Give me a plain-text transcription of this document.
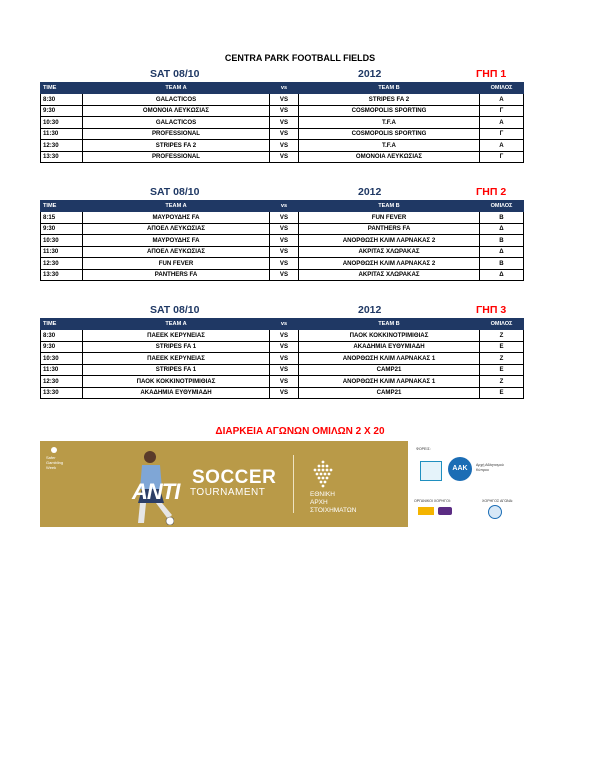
CENTRA PARK FOOTBALL FIELDS
SAT 08/10	2012	ΓΗΠ 1
TIME	TEAM A	vs	TEAM B	ΟΜΙΛΟΣ
8:30	GALACTICOS	VS	STRIPES FA 2	Α
9:30	ΟΜΟΝΟΙΑ ΛΕΥΚΩΣΙΑΣ	VS	COSMOPOLIS SPORTING	Γ
10:30	GALACTICOS	VS	T.F.A	Α
11:30	PROFESSIONAL	VS	COSMOPOLIS SPORTING	Γ
12:30	STRIPES FA 2	VS	T.F.A	Α
13:30	PROFESSIONAL	VS	ΟΜΟΝΟΙΑ ΛΕΥΚΩΣΙΑΣ	Γ
SAT 08/10	2012	ΓΗΠ 2
TIME	TEAM A	vs	TEAM B	ΟΜΙΛΟΣ
8:15	ΜΑΥΡΟΥΔΗΣ FA	VS	FUN FEVER	Β
9:30	ΑΠΟΕΛ ΛΕΥΚΩΣΙΑΣ	VS	PANTHERS FA	Δ
10:30	ΜΑΥΡΟΥΔΗΣ FA	VS	ΑΝΟΡΘΩΣΗ ΚΛΙΜ ΛΑΡΝΑΚΑΣ 2	Β
11:30	ΑΠΟΕΛ ΛΕΥΚΩΣΙΑΣ	VS	ΑΚΡΙΤΑΣ ΧΛΩΡΑΚΑΣ	Δ
12:30	FUN FEVER	VS	ΑΝΟΡΘΩΣΗ ΚΛΙΜ ΛΑΡΝΑΚΑΣ 2	Β
13:30	PANTHERS FA	VS	ΑΚΡΙΤΑΣ ΧΛΩΡΑΚΑΣ	Δ
SAT 08/10	2012	ΓΗΠ 3
TIME	TEAM A	vs	TEAM B	ΟΜΙΛΟΣ
8:30	ΠΑΕΕΚ ΚΕΡΥΝΕΙΑΣ	VS	ΠΑΟΚ ΚΟΚΚΙΝΟΤΡΙΜΙΘΙΑΣ	Ζ
9:30	STRIPES FA 1	VS	ΑΚΑΔΗΜΙΑ ΕΥΘΥΜΙΑΔΗ	Ε
10:30	ΠΑΕΕΚ ΚΕΡΥΝΕΙΑΣ	VS	ΑΝΟΡΘΩΣΗ ΚΛΙΜ ΛΑΡΝΑΚΑΣ 1	Ζ
11:30	STRIPES FA 1	VS	CAMP21	Ε
12:30	ΠΑΟΚ ΚΟΚΚΙΝΟΤΡΙΜΙΘΙΑΣ	VS	ΑΝΟΡΘΩΣΗ ΚΛΙΜ ΛΑΡΝΑΚΑΣ 1	Ζ
13:30	ΑΚΑΔΗΜΙΑ ΕΥΘΥΜΙΑΔΗ	VS	CAMP21	Ε
ΔΙΑΡΚΕΙΑ ΑΓΩΝΩΝ ΟΜΙΛΩΝ 2 Χ 20
Safer Gambling Week
ANTI
SOCCER
TOURNAMENT	ΕΘΝΙΚΗ
ΑΡΧΗ
ΣΤΟΙΧΗΜΑΤΩΝ
ΦΟΡΕΙΣ:
ΑΑΚ	Αρχή Αθλητισμού Κύπρου
ΟΡΓΑΝΙΚΟΙ ΧΟΡΗΓΟΙ:	ΧΟΡΗΓΟΣ ΑΓΩΝΑ:
